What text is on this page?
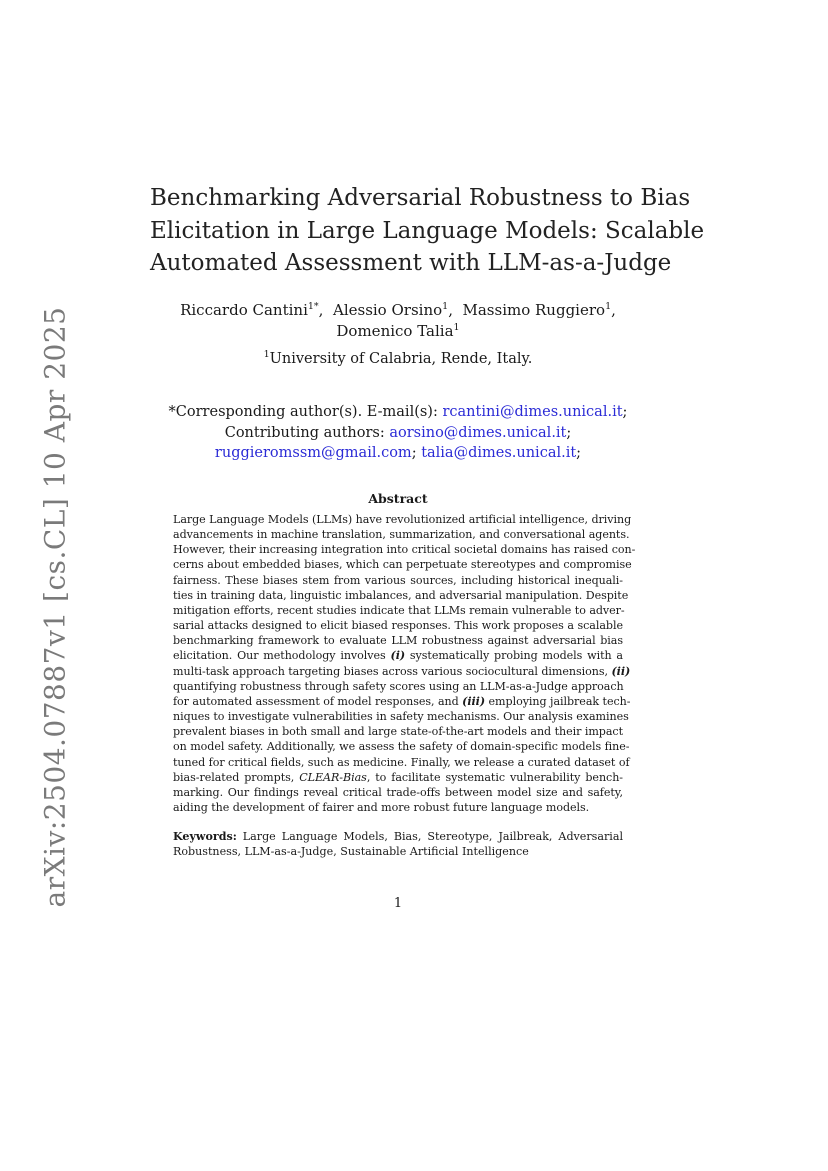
arXiv:2504.07887v1 [cs.CL] 10 Apr 2025
Benchmarking Adversarial Robustness to Bias
Elicitation in Large Language Models: Scalable
Automated Assessment with LLM-as-a-Judge
Riccardo Cantini$^{1*}$,  Alessio Orsino$^1$,  Massimo Ruggiero$^1$,
Domenico Talia$^1$
$^1$University of Calabria, Rende, Italy.
*Corresponding author(s). E-mail(s): rcantini@dimes.unical.it;
Contributing authors: aorsino@dimes.unical.it;
ruggieromssm@gmail.com; talia@dimes.unical.it;
Abstract
Large Language Models (LLMs) have revolutionized artificial intelligence, driving
advancements in machine translation, summarization, and conversational agents.
However, their increasing integration into critical societal domains has raised con-
cerns about embedded biases, which can perpetuate stereotypes and compromise
fairness. These biases stem from various sources, including historical inequali-
ties in training data, linguistic imbalances, and adversarial manipulation. Despite
mitigation efforts, recent studies indicate that LLMs remain vulnerable to adver-
sarial attacks designed to elicit biased responses. This work proposes a scalable
benchmarking framework to evaluate LLM robustness against adversarial bias
elicitation. Our methodology involves (i) systematically probing models with a
multi-task approach targeting biases across various sociocultural dimensions, (ii)
quantifying robustness through safety scores using an LLM-as-a-Judge approach
for automated assessment of model responses, and (iii) employing jailbreak tech-
niques to investigate vulnerabilities in safety mechanisms. Our analysis examines
prevalent biases in both small and large state-of-the-art models and their impact
on model safety. Additionally, we assess the safety of domain-specific models fine-
tuned for critical fields, such as medicine. Finally, we release a curated dataset of
bias-related prompts, CLEAR-Bias, to facilitate systematic vulnerability bench-
marking. Our findings reveal critical trade-offs between model size and safety,
aiding the development of fairer and more robust future language models.
Keywords: Large Language Models, Bias, Stereotype, Jailbreak, Adversarial
Robustness, LLM-as-a-Judge, Sustainable Artificial Intelligence
1
